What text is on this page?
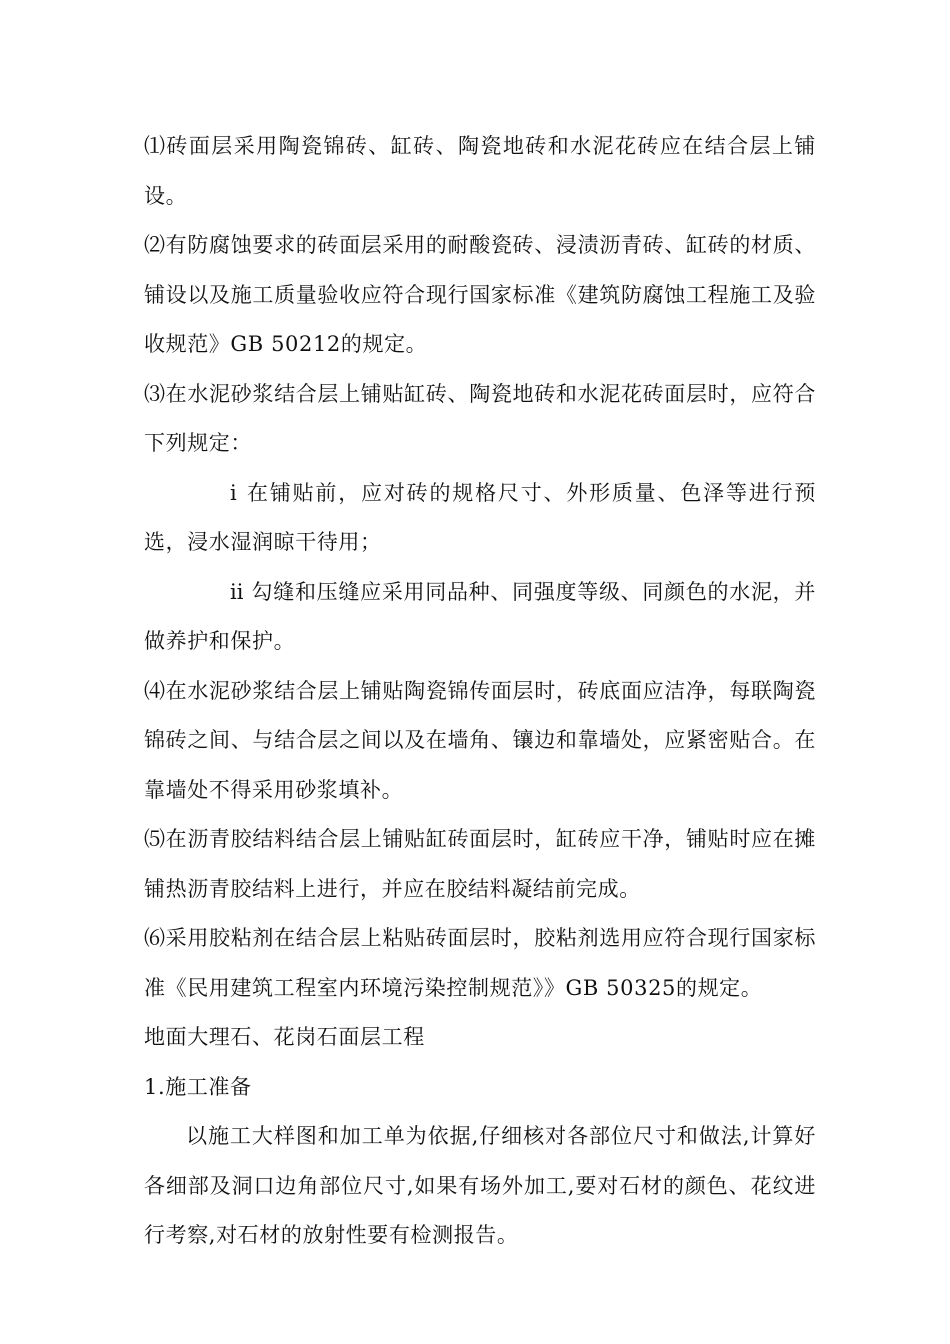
⑴砖面层采用陶瓷锦砖、缸砖、陶瓷地砖和水泥花砖应在结合层上铺设。

⑵有防腐蚀要求的砖面层采用的耐酸瓷砖、浸渍沥青砖、缸砖的材质、铺设以及施工质量验收应符合现行国家标准《建筑防腐蚀工程施工及验收规范》GB 50212的规定。

⑶在水泥砂浆结合层上铺贴缸砖、陶瓷地砖和水泥花砖面层时，应符合下列规定：

ⅰ 在铺贴前，应对砖的规格尺寸、外形质量、色泽等进行预选，浸水湿润晾干待用；

ⅱ 勾缝和压缝应采用同品种、同强度等级、同颜色的水泥，并做养护和保护。

⑷在水泥砂浆结合层上铺贴陶瓷锦传面层时，砖底面应洁净，每联陶瓷锦砖之间、与结合层之间以及在墙角、镶边和靠墙处，应紧密贴合。在靠墙处不得采用砂浆填补。

⑸在沥青胶结料结合层上铺贴缸砖面层时，缸砖应干净，铺贴时应在摊铺热沥青胶结料上进行，并应在胶结料凝结前完成。

⑹采用胶粘剂在结合层上粘贴砖面层时，胶粘剂选用应符合现行国家标准《民用建筑工程室内环境污染控制规范》》GB 50325的规定。

地面大理石、花岗石面层工程

1.施工准备

以施工大样图和加工单为依据,仔细核对各部位尺寸和做法,计算好各细部及洞口边角部位尺寸,如果有场外加工,要对石材的颜色、花纹进行考察,对石材的放射性要有检测报告。
